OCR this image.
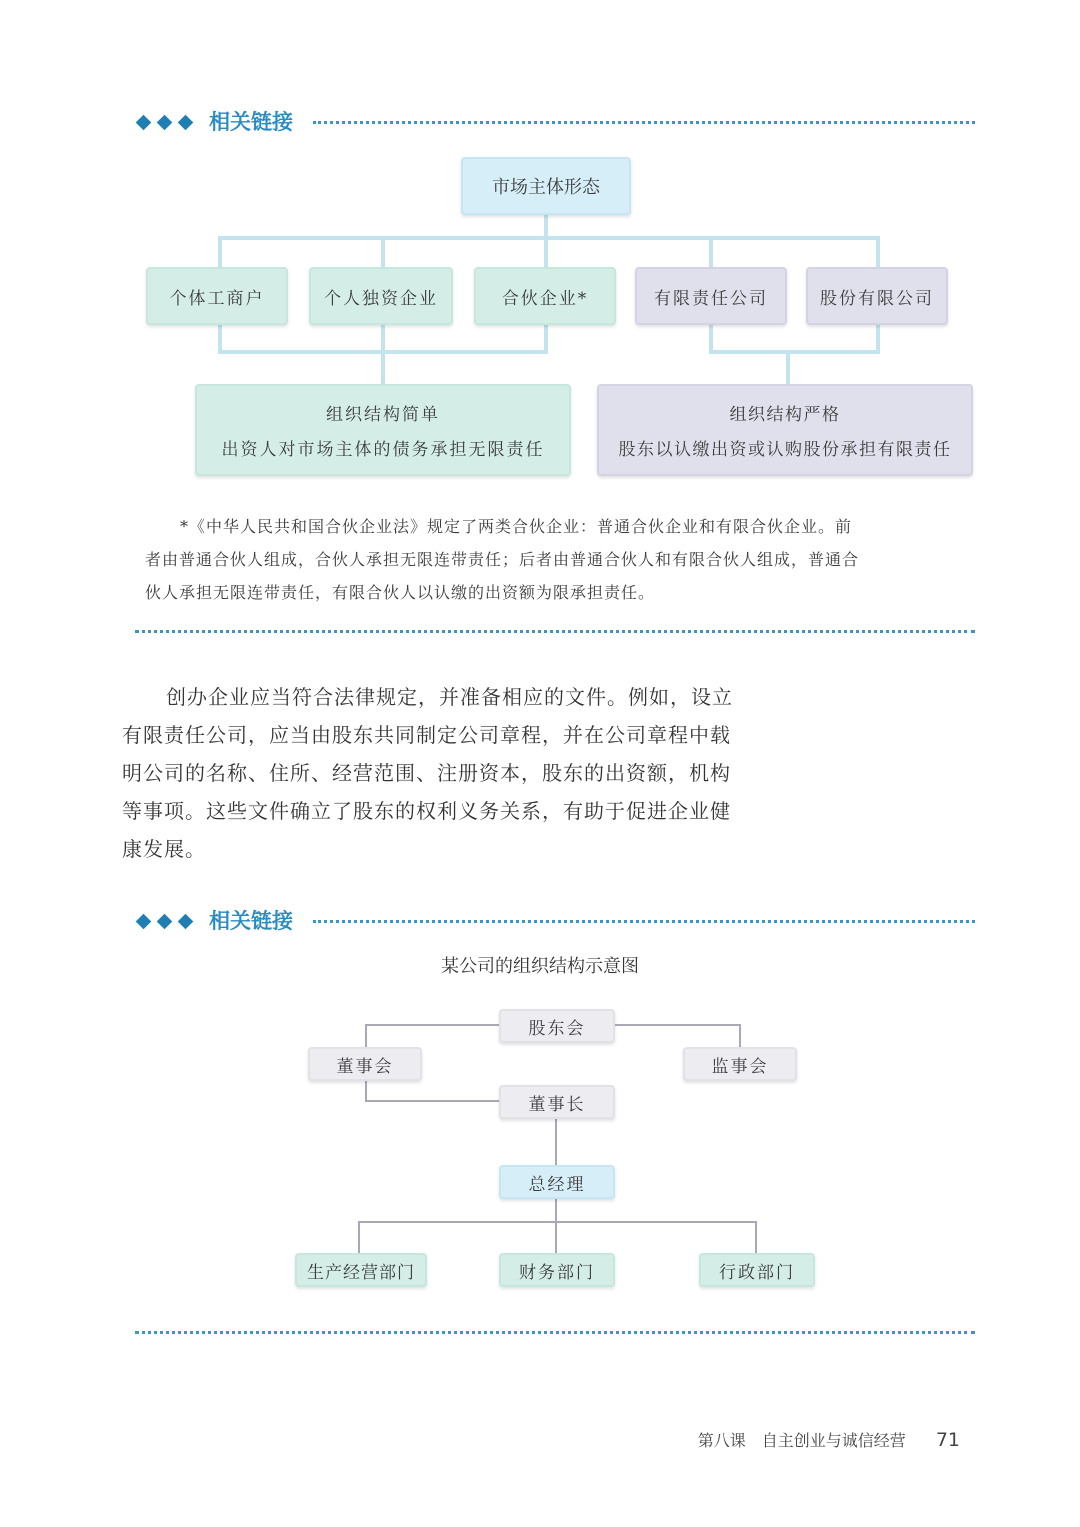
相关链接
市场主体形态
个体工商户	个人独资企业	合伙企业*	有限责任公司	股份有限公司
组织结构简单
出资人对市场主体的债务承担无限责任
组织结构严格
股东以认缴出资或认购股份承担有限责任
*《中华人民共和国合伙企业法》规定了两类合伙企业：普通合伙企业和有限合伙企业。前
者由普通合伙人组成，合伙人承担无限连带责任；后者由普通合伙人和有限合伙人组成，普通合
伙人承担无限连带责任，有限合伙人以认缴的出资额为限承担责任。

创办企业应当符合法律规定，并准备相应的文件。例如，设立

有限责任公司，应当由股东共同制定公司章程，并在公司章程中载

明公司的名称、住所、经营范围、注册资本，股东的出资额，机构

等事项。这些文件确立了股东的权利义务关系，有助于促进企业健

康发展。

相关链接
某公司的组织结构示意图
股东会
董事会	监事会
董事长
总经理
生产经营部门	财务部门	行政部门
第八课　自主创业与诚信经营 71
